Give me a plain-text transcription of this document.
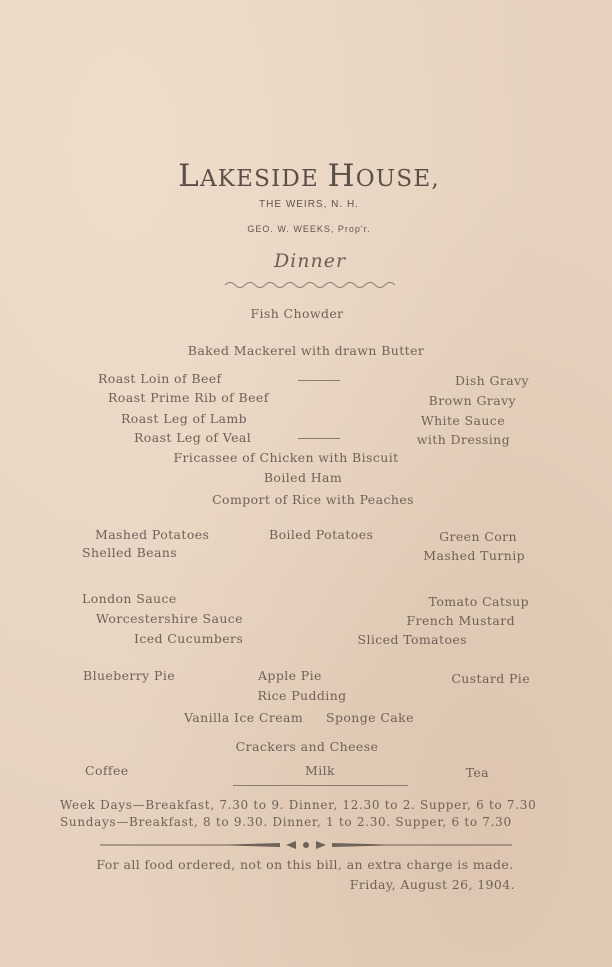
LAKESIDE HOUSE,
THE WEIRS, N. H.
GEO. W. WEEKS, Prop'r.
Dinner
Fish Chowder
Baked Mackerel with drawn Butter
Roast Loin of Beef
Roast Prime Rib of Beef
Roast Leg of Lamb
Roast Leg of Veal
Dish Gravy
Brown Gravy
White Sauce
with Dressing
Fricassee of Chicken with Biscuit
Boiled Ham
Comport of Rice with Peaches
Mashed Potatoes	Boiled Potatoes	Green Corn
Shelled Beans	Mashed Turnip
London Sauce	Tomato Catsup
Worcestershire Sauce	French Mustard
Iced Cucumbers	Sliced Tomatoes
Blueberry Pie	Apple Pie	Custard Pie
Rice Pudding
Vanilla Ice Cream Sponge Cake
Crackers and Cheese
Coffee	Milk	Tea
Week Days—Breakfast, 7.30 to 9. Dinner, 12.30 to 2. Supper, 6 to 7.30
Sundays—Breakfast, 8 to 9.30. Dinner, 1 to 2.30. Supper, 6 to 7.30
For all food ordered, not on this bill, an extra charge is made.
Friday, August 26, 1904.
